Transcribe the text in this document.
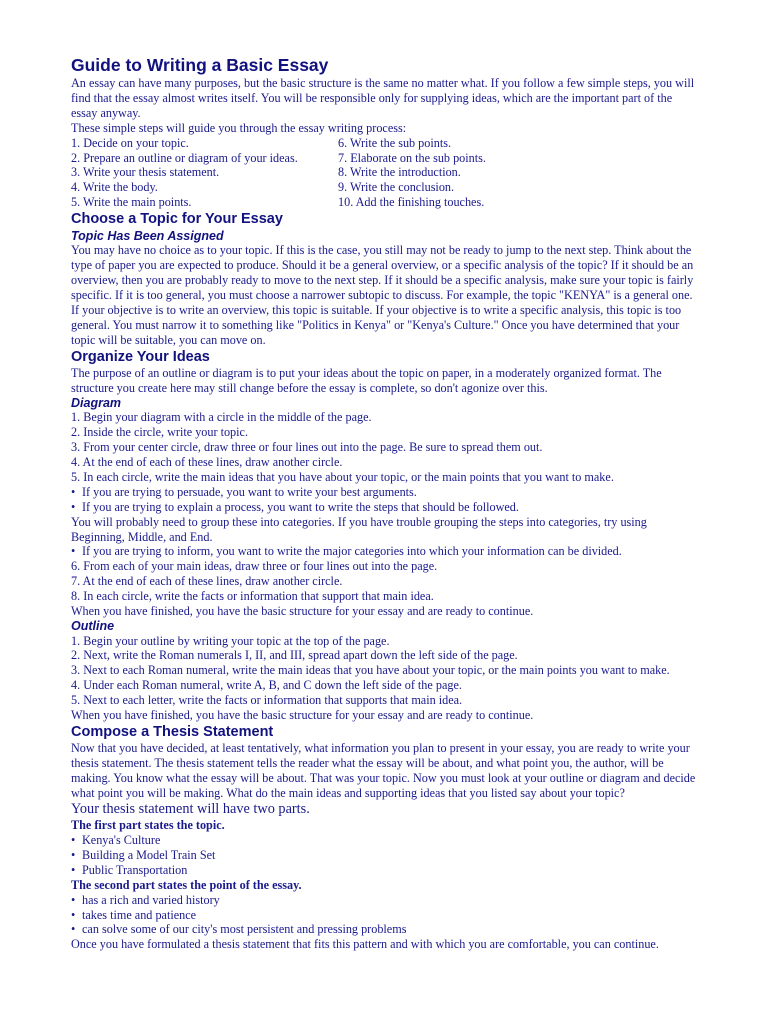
Guide to Writing a Basic Essay

An essay can have many purposes, but the basic structure is the same no matter what. If you follow a few simple steps, you will find that the essay almost writes itself. You will be responsible only for supplying ideas, which are the important part of the essay anyway.

These simple steps will guide you through the essay writing process:

1. Decide on your topic.
2. Prepare an outline or diagram of your ideas.
3. Write your thesis statement.
4. Write the body.
5. Write the main points.
6. Write the sub points.
7. Elaborate on the sub points.
8. Write the introduction.
9. Write the conclusion.
10. Add the finishing touches.
Choose a Topic for Your Essay
Topic Has Been Assigned

You may have no choice as to your topic. If this is the case, you still may not be ready to jump to the next step. Think about the type of paper you are expected to produce. Should it be a general overview, or a specific analysis of the topic? If it should be an overview, then you are probably ready to move to the next step. If it should be a specific analysis, make sure your topic is fairly specific. If it is too general, you must choose a narrower subtopic to discuss. For example, the topic "KENYA" is a general one. If your objective is to write an overview, this topic is suitable. If your objective is to write a specific analysis, this topic is too general. You must narrow it to something like "Politics in Kenya" or "Kenya's Culture." Once you have determined that your topic will be suitable, you can move on.

Organize Your Ideas

The purpose of an outline or diagram is to put your ideas about the topic on paper, in a moderately organized format. The structure you create here may still change before the essay is complete, so don't agonize over this.

Diagram
1. Begin your diagram with a circle in the middle of the page.
2. Inside the circle, write your topic.
3. From your center circle, draw three or four lines out into the page. Be sure to spread them out.
4. At the end of each of these lines, draw another circle.
5. In each circle, write the main ideas that you have about your topic, or the main points that you want to make.
• If you are trying to persuade, you want to write your best arguments.
• If you are trying to explain a process, you want to write the steps that should be followed.

You will probably need to group these into categories. If you have trouble grouping the steps into categories, try using Beginning, Middle, and End.

• If you are trying to inform, you want to write the major categories into which your information can be divided.
6. From each of your main ideas, draw three or four lines out into the page.
7. At the end of each of these lines, draw another circle.
8. In each circle, write the facts or information that support that main idea.

When you have finished, you have the basic structure for your essay and are ready to continue.

Outline
1. Begin your outline by writing your topic at the top of the page.
2. Next, write the Roman numerals I, II, and III, spread apart down the left side of the page.
3. Next to each Roman numeral, write the main ideas that you have about your topic, or the main points you want to make.
4. Under each Roman numeral, write A, B, and C down the left side of the page.
5. Next to each letter, write the facts or information that supports that main idea.

When you have finished, you have the basic structure for your essay and are ready to continue.

Compose a Thesis Statement

Now that you have decided, at least tentatively, what information you plan to present in your essay, you are ready to write your thesis statement. The thesis statement tells the reader what the essay will be about, and what point you, the author, will be making. You know what the essay will be about. That was your topic. Now you must look at your outline or diagram and decide what point you will be making. What do the main ideas and supporting ideas that you listed say about your topic?

Your thesis statement will have two parts.

The first part states the topic.

• Kenya's Culture
• Building a Model Train Set
• Public Transportation

The second part states the point of the essay.

• has a rich and varied history
• takes time and patience
• can solve some of our city's most persistent and pressing problems

Once you have formulated a thesis statement that fits this pattern and with which you are comfortable, you can continue.
